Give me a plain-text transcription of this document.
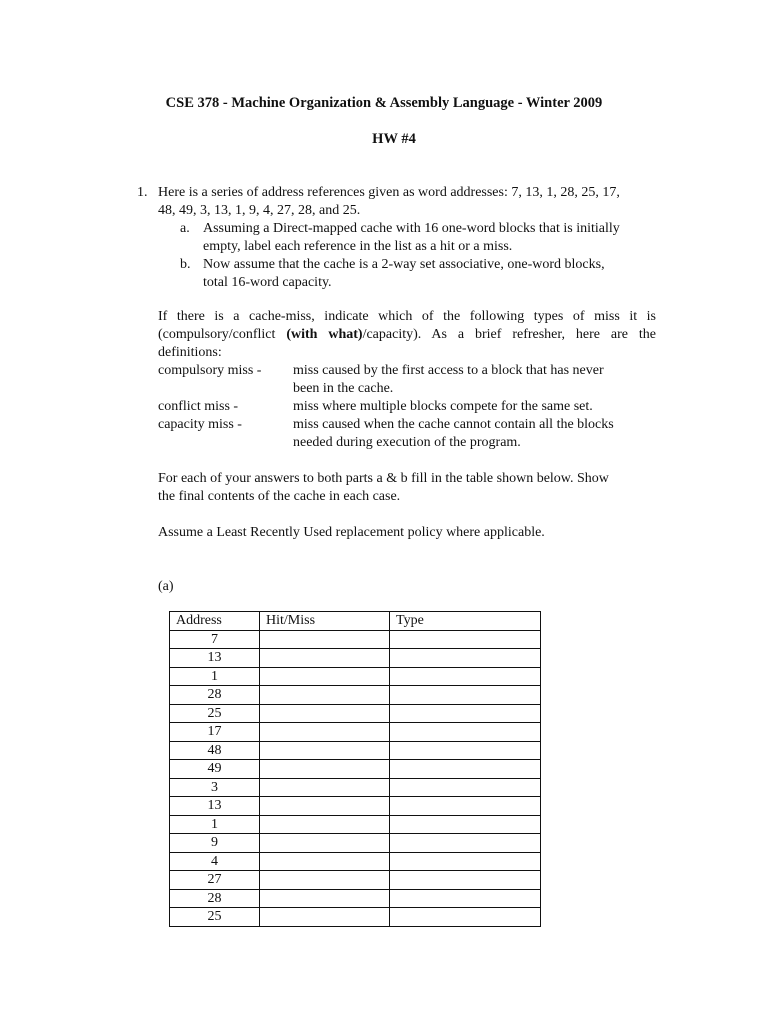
CSE 378 - Machine Organization & Assembly Language - Winter 2009
HW #4
1. Here is a series of address references given as word addresses: 7, 13, 1, 28, 25, 17,
48, 49, 3, 13, 1, 9, 4, 27, 28, and 25.
a. Assuming a Direct-mapped cache with 16 one-word blocks that is initially
empty, label each reference in the list as a hit or a miss.
b. Now assume that the cache is a 2-way set associative, one-word blocks,
total 16-word capacity.
If there is a cache-miss, indicate which of the following types of miss it is (compulsory/conflict (with what)/capacity). As a brief refresher, here are the definitions:
compulsory miss - miss caused by the first access to a block that has never
been in the cache.
conflict miss -	miss where multiple blocks compete for the same set.
capacity miss -	miss caused when the cache cannot contain all the blocks
needed during execution of the program.
For each of your answers to both parts a & b fill in the table shown below. Show
the final contents of the cache in each case.
Assume a Least Recently Used replacement policy where applicable.
(a)
Address	Hit/Miss	Type
7		
13		
1		
28		
25		
17		
48		
49		
3		
13		
1		
9		
4		
27		
28		
25		
